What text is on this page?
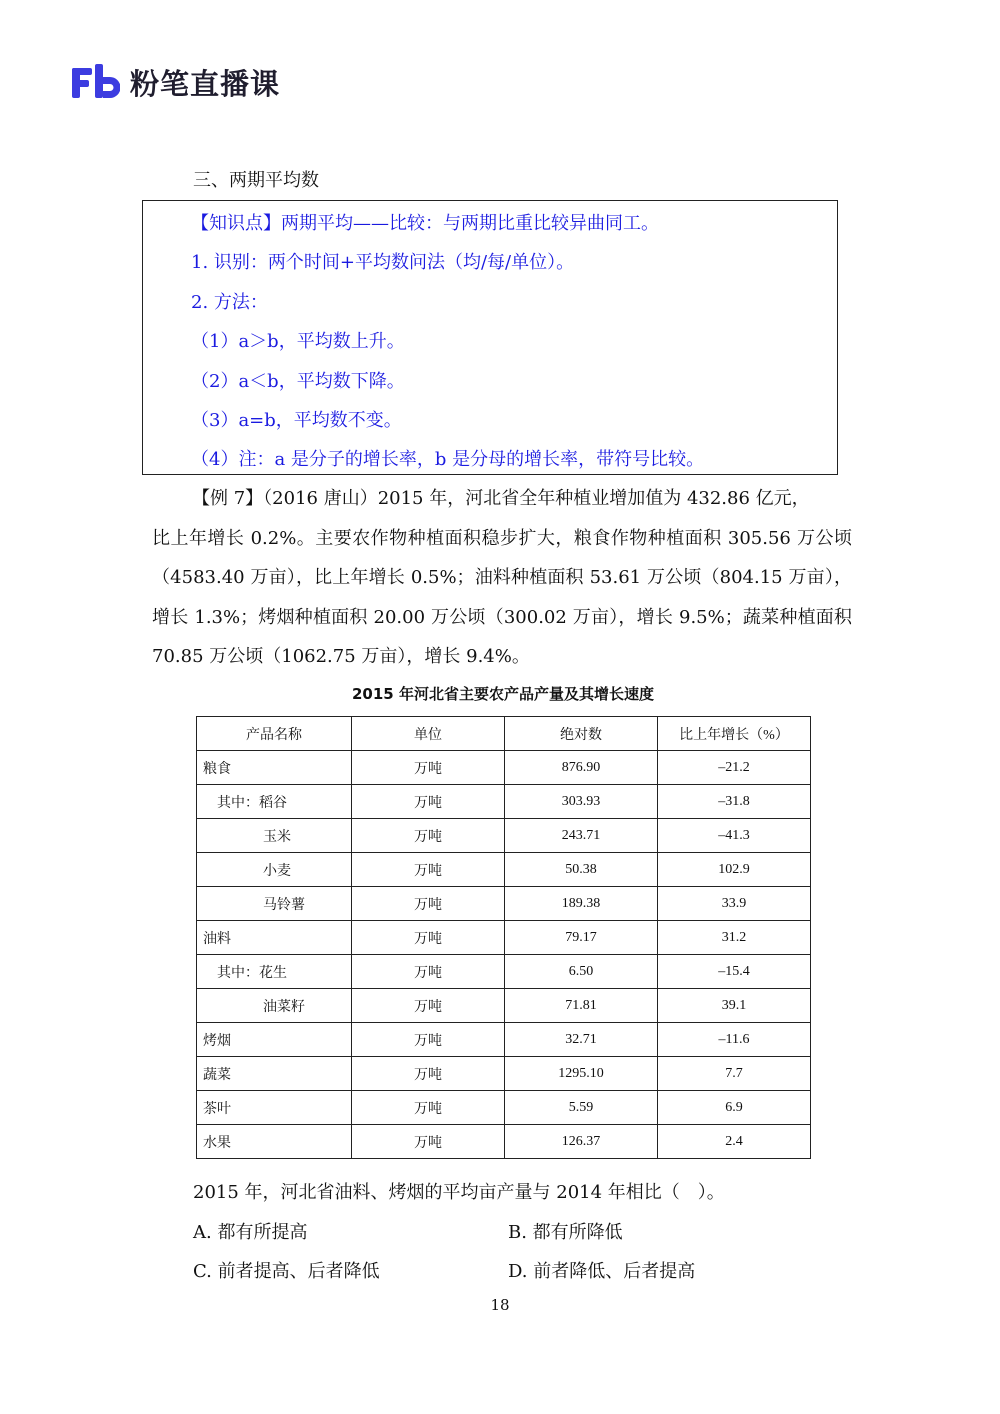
粉笔直播课
三、两期平均数
【知识点】两期平均——比较：与两期比重比较异曲同工。
1. 识别：两个时间+平均数问法（均/每/单位）。
2. 方法：
（1）a＞b，平均数上升。
（2）a＜b，平均数下降。
（3）a=b，平均数不变。
（4）注：a 是分子的增长率，b 是分母的增长率，带符号比较。

【例 7】（2016 唐山）2015 年，河北省全年种植业增加值为 432.86 亿元，

比上年增长 0.2%。主要农作物种植面积稳步扩大，粮食作物种植面积 305.56 万公顷（4583.40 万亩），比上年增长 0.5%；油料种植面积 53.61 万公顷（804.15 万亩），增长 1.3%；烤烟种植面积 20.00 万公顷（300.02 万亩），增长 9.5%；蔬菜种植面积 70.85 万公顷（1062.75 万亩），增长 9.4%。

2015 年河北省主要农产品产量及其增长速度
产品名称	单位	绝对数	比上年增长（%）
粮食	万吨	876.90	–21.2
其中：稻谷	万吨	303.93	–31.8
玉米	万吨	243.71	–41.3
小麦	万吨	50.38	102.9
马铃薯	万吨	189.38	33.9
油料	万吨	79.17	31.2
其中：花生	万吨	6.50	–15.4
油菜籽	万吨	71.81	39.1
烤烟	万吨	32.71	–11.6
蔬菜	万吨	1295.10	7.7
茶叶	万吨	5.59	6.9
水果	万吨	126.37	2.4
2015 年，河北省油料、烤烟的平均亩产量与 2014 年相比（　）。
A. 都有所提高	B. 都有所降低
C. 前者提高、后者降低	D. 前者降低、后者提高
18
